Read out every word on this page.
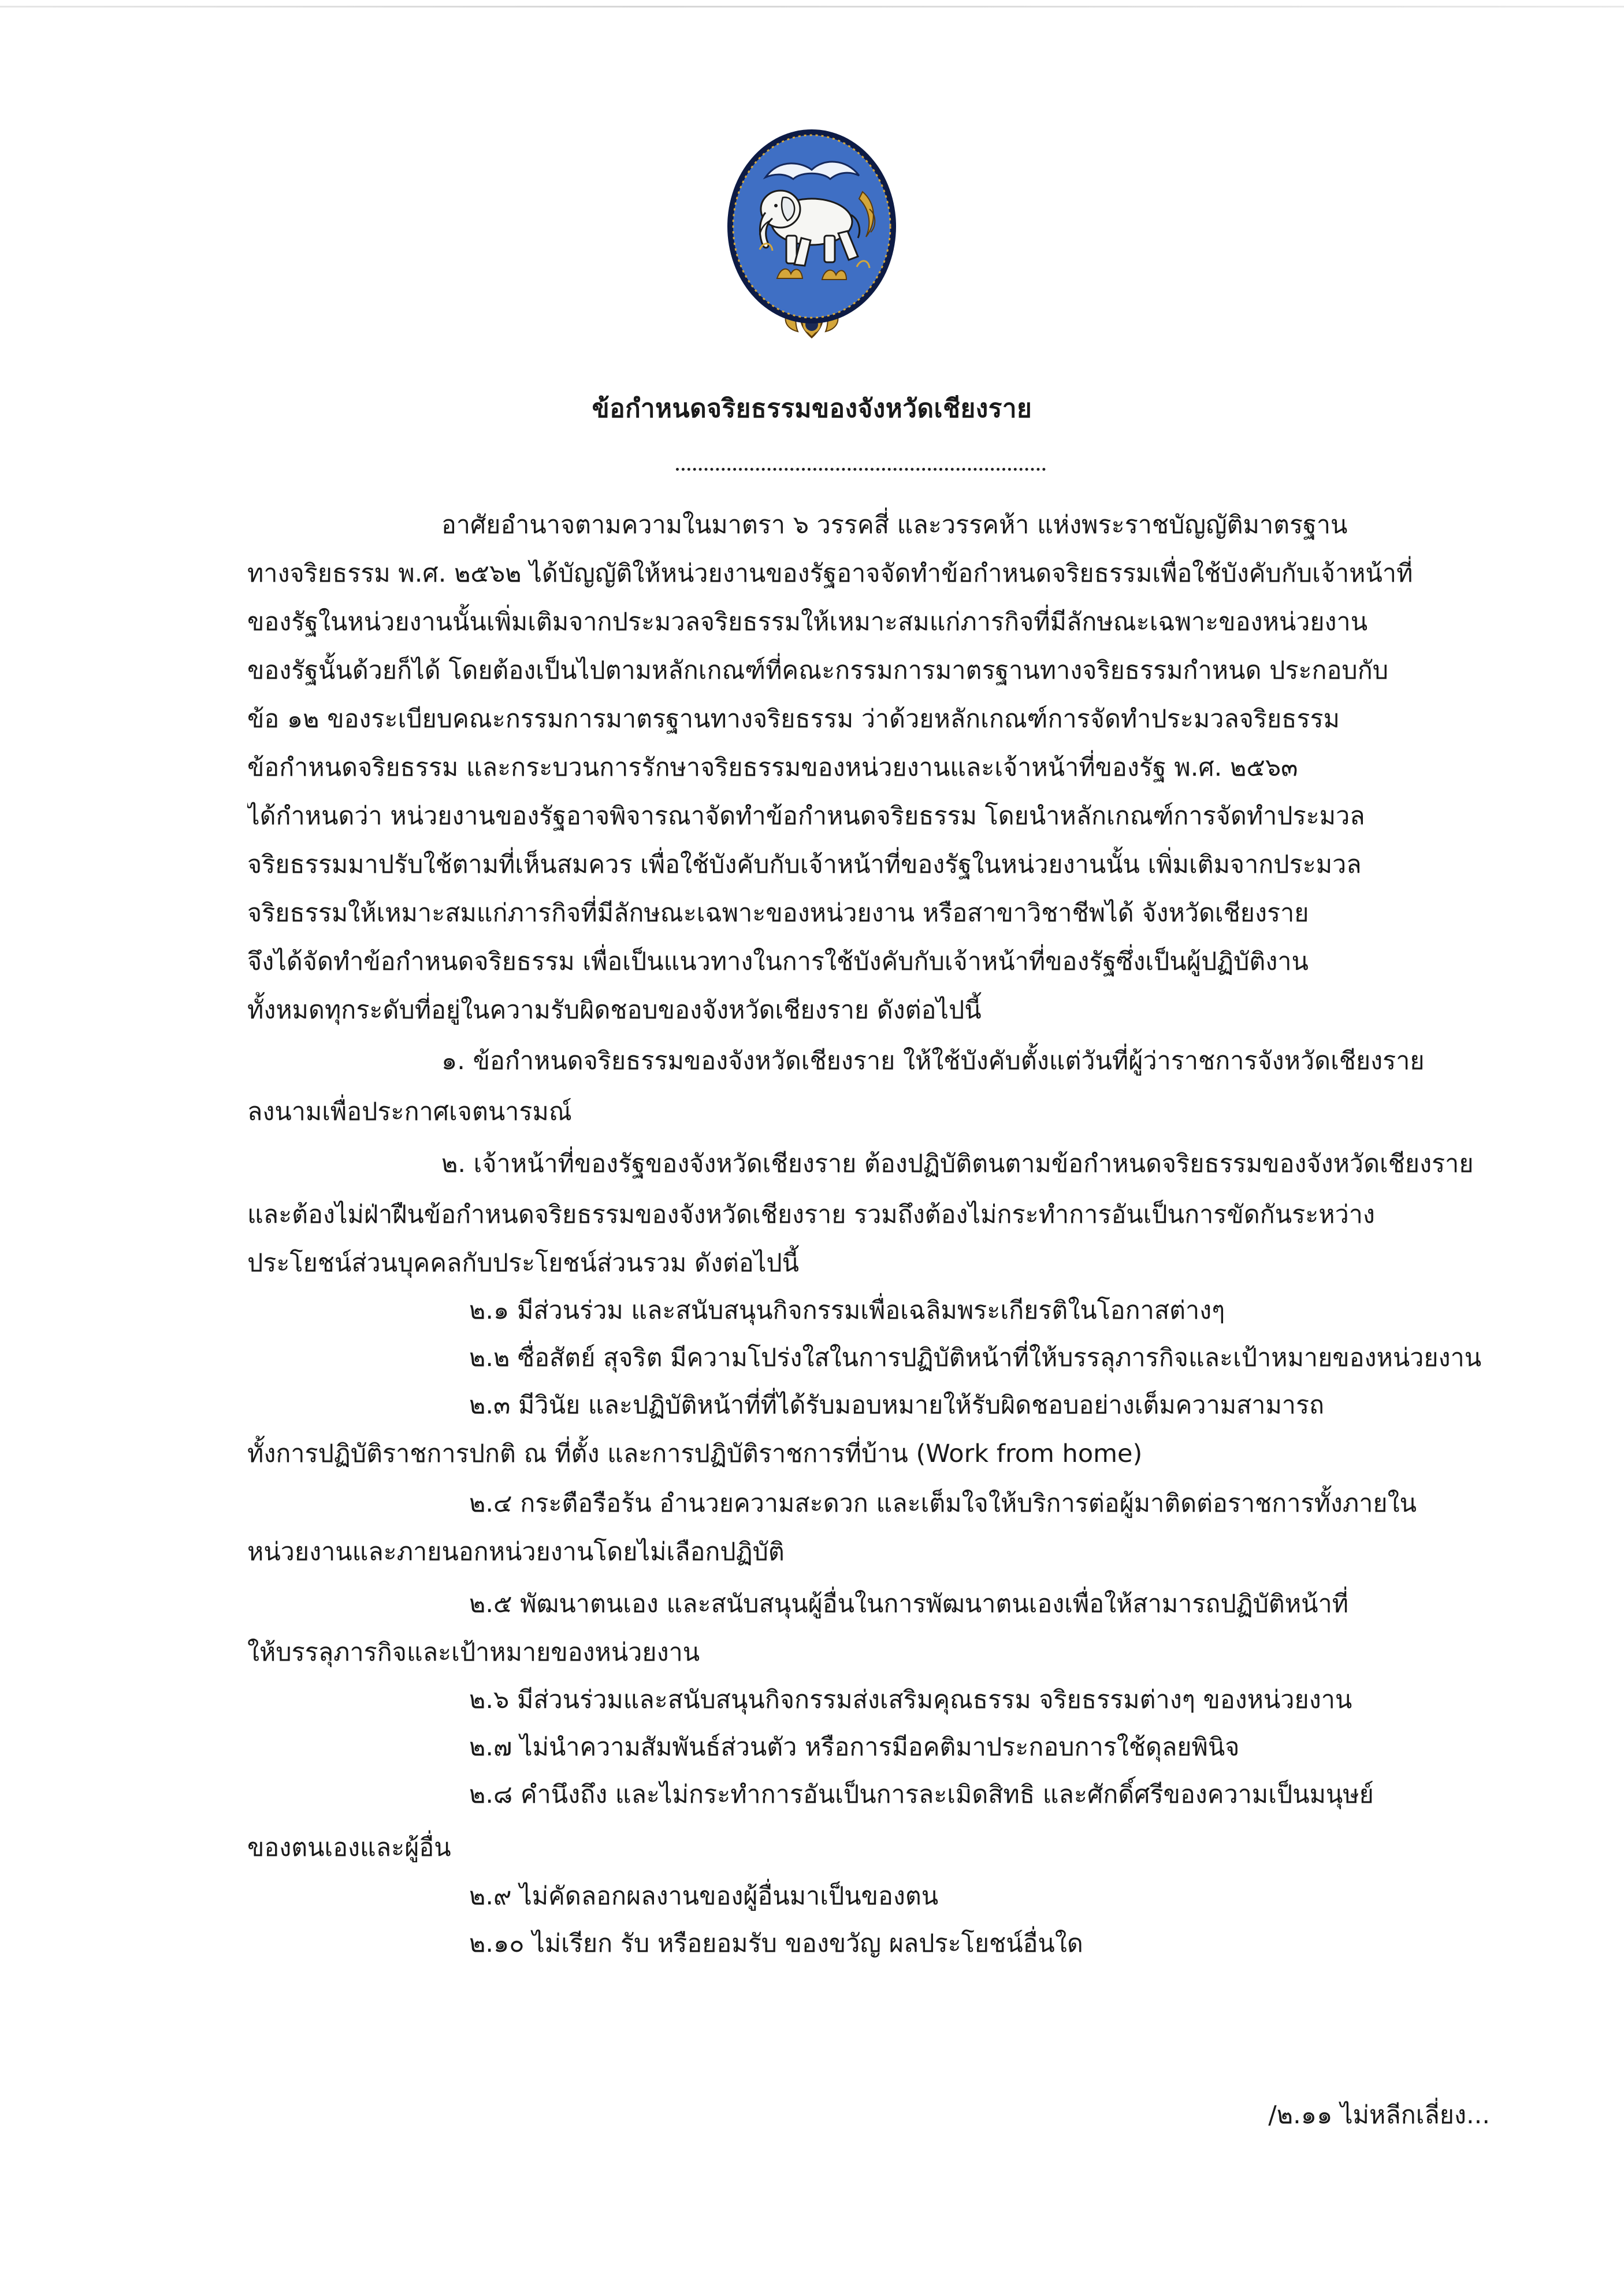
ข้อกำหนดจริยธรรมของจังหวัดเชียงราย

อาศัยอำนาจตามความในมาตรา ๖ วรรคสี่ และวรรคห้า แห่งพระราชบัญญัติมาตรฐาน

ทางจริยธรรม พ.ศ. ๒๕๖๒ ได้บัญญัติให้หน่วยงานของรัฐอาจจัดทำข้อกำหนดจริยธรรมเพื่อใช้บังคับกับเจ้าหน้าที่

ของรัฐในหน่วยงานนั้นเพิ่มเติมจากประมวลจริยธรรมให้เหมาะสมแก่ภารกิจที่มีลักษณะเฉพาะของหน่วยงาน

ของรัฐนั้นด้วยก็ได้ โดยต้องเป็นไปตามหลักเกณฑ์ที่คณะกรรมการมาตรฐานทางจริยธรรมกำหนด ประกอบกับ

ข้อ ๑๒ ของระเบียบคณะกรรมการมาตรฐานทางจริยธรรม ว่าด้วยหลักเกณฑ์การจัดทำประมวลจริยธรรม

ข้อกำหนดจริยธรรม และกระบวนการรักษาจริยธรรมของหน่วยงานและเจ้าหน้าที่ของรัฐ พ.ศ. ๒๕๖๓

ได้กำหนดว่า หน่วยงานของรัฐอาจพิจารณาจัดทำข้อกำหนดจริยธรรม โดยนำหลักเกณฑ์การจัดทำประมวล

จริยธรรมมาปรับใช้ตามที่เห็นสมควร เพื่อใช้บังคับกับเจ้าหน้าที่ของรัฐในหน่วยงานนั้น เพิ่มเติมจากประมวล

จริยธรรมให้เหมาะสมแก่ภารกิจที่มีลักษณะเฉพาะของหน่วยงาน หรือสาขาวิชาชีพได้ จังหวัดเชียงราย

จึงได้จัดทำข้อกำหนดจริยธรรม เพื่อเป็นแนวทางในการใช้บังคับกับเจ้าหน้าที่ของรัฐซึ่งเป็นผู้ปฏิบัติงาน

ทั้งหมดทุกระดับที่อยู่ในความรับผิดชอบของจังหวัดเชียงราย ดังต่อไปนี้

๑. ข้อกำหนดจริยธรรมของจังหวัดเชียงราย ให้ใช้บังคับตั้งแต่วันที่ผู้ว่าราชการจังหวัดเชียงราย

ลงนามเพื่อประกาศเจตนารมณ์

๒. เจ้าหน้าที่ของรัฐของจังหวัดเชียงราย ต้องปฏิบัติตนตามข้อกำหนดจริยธรรมของจังหวัดเชียงราย

และต้องไม่ฝ่าฝืนข้อกำหนดจริยธรรมของจังหวัดเชียงราย รวมถึงต้องไม่กระทำการอันเป็นการขัดกันระหว่าง

ประโยชน์ส่วนบุคคลกับประโยชน์ส่วนรวม ดังต่อไปนี้

๒.๑ มีส่วนร่วม และสนับสนุนกิจกรรมเพื่อเฉลิมพระเกียรติในโอกาสต่างๆ

๒.๒ ซื่อสัตย์ สุจริต มีความโปร่งใสในการปฏิบัติหน้าที่ให้บรรลุภารกิจและเป้าหมายของหน่วยงาน

๒.๓ มีวินัย และปฏิบัติหน้าที่ที่ได้รับมอบหมายให้รับผิดชอบอย่างเต็มความสามารถ

ทั้งการปฏิบัติราชการปกติ ณ ที่ตั้ง และการปฏิบัติราชการที่บ้าน (Work from home)

๒.๔ กระตือรือร้น อำนวยความสะดวก และเต็มใจให้บริการต่อผู้มาติดต่อราชการทั้งภายใน

หน่วยงานและภายนอกหน่วยงานโดยไม่เลือกปฏิบัติ

๒.๕ พัฒนาตนเอง และสนับสนุนผู้อื่นในการพัฒนาตนเองเพื่อให้สามารถปฏิบัติหน้าที่

ให้บรรลุภารกิจและเป้าหมายของหน่วยงาน

๒.๖ มีส่วนร่วมและสนับสนุนกิจกรรมส่งเสริมคุณธรรม จริยธรรมต่างๆ ของหน่วยงาน

๒.๗ ไม่นำความสัมพันธ์ส่วนตัว หรือการมีอคติมาประกอบการใช้ดุลยพินิจ

๒.๘ คำนึงถึง และไม่กระทำการอันเป็นการละเมิดสิทธิ และศักดิ์ศรีของความเป็นมนุษย์

ของตนเองและผู้อื่น

๒.๙ ไม่คัดลอกผลงานของผู้อื่นมาเป็นของตน

๒.๑๐ ไม่เรียก รับ หรือยอมรับ ของขวัญ ผลประโยชน์อื่นใด

/๒.๑๑ ไม่หลีกเลี่ยง...
